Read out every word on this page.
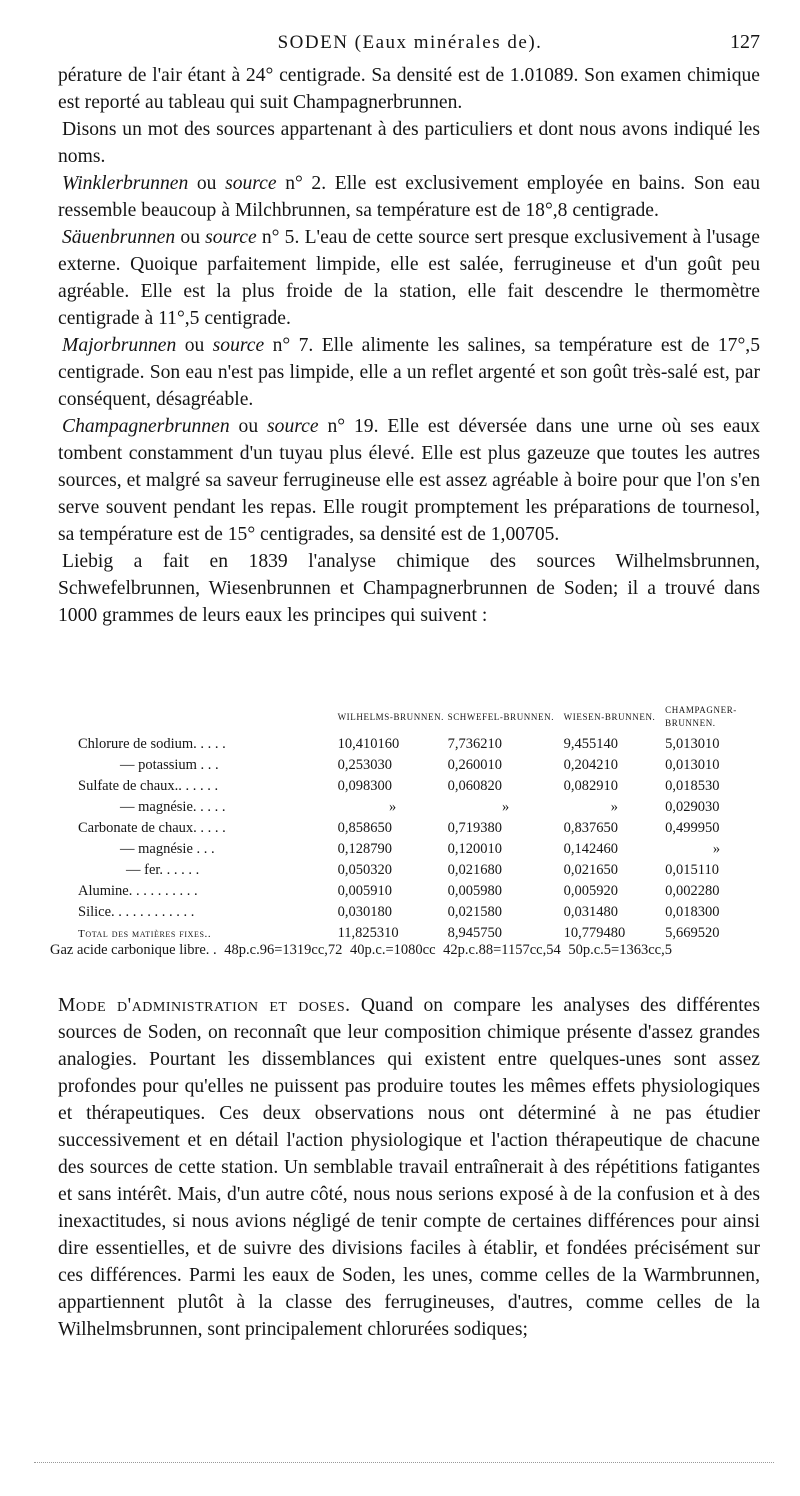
SODEN (Eaux minérales de).	127

pérature de l'air étant à 24° centigrade. Sa densité est de 1.01089. Son examen chimique est reporté au tableau qui suit Champagnerbrunnen.

Disons un mot des sources appartenant à des particuliers et dont nous avons indiqué les noms.

Winklerbrunnen ou source n° 2. Elle est exclusivement employée en bains. Son eau ressemble beaucoup à Milchbrunnen, sa température est de 18°,8 centigrade.

Säuenbrunnen ou source n° 5. L'eau de cette source sert presque exclusivement à l'usage externe. Quoique parfaitement limpide, elle est salée, ferrugineuse et d'un goût peu agréable. Elle est la plus froide de la station, elle fait descendre le thermomètre centigrade à 11°,5 centigrade.

Majorbrunnen ou source n° 7. Elle alimente les salines, sa température est de 17°,5 centigrade. Son eau n'est pas limpide, elle a un reflet argenté et son goût très-salé est, par conséquent, désagréable.

Champagnerbrunnen ou source n° 19. Elle est déversée dans une urne où ses eaux tombent constamment d'un tuyau plus élevé. Elle est plus gazeuze que toutes les autres sources, et malgré sa saveur ferrugineuse elle est assez agréable à boire pour que l'on s'en serve souvent pendant les repas. Elle rougit promptement les préparations de tournesol, sa température est de 15° centigrades, sa densité est de 1,00705.

Liebig a fait en 1839 l'analyse chimique des sources Wilhelmsbrunnen, Schwefelbrunnen, Wiesenbrunnen et Champagnerbrunnen de Soden; il a trouvé dans 1000 grammes de leurs eaux les principes qui suivent :

	WILHELMS-BRUNNEN.	SCHWEFEL-BRUNNEN.	WIESEN-BRUNNEN.	CHAMPAGNER-BRUNNEN.
Chlorure de sodium. . . . .	10,410160	7,736210	9,455140	5,013010
— potassium . . .	0,253030	0,260010	0,204210	0,013010
Sulfate de chaux.. . . . . .	0,098300	0,060820	0,082910	0,018530
— magnésie. . . . .	»	»	»	0,029030
Carbonate de chaux. . . . .	0,858650	0,719380	0,837650	0,499950
— magnésie . . .	0,128790	0,120010	0,142460	»
— fer. . . . . .	0,050320	0,021680	0,021650	0,015110
Alumine. . . . . . . . . .	0,005910	0,005980	0,005920	0,002280
Silice. . . . . . . . . . . .	0,030180	0,021580	0,031480	0,018300
Total des matières fixes..	11,825310	8,945750	10,779480	5,669520
Gaz acide carbonique libre. . 48p.c.96=1319cc,72 40p.c.=1080cc 42p.c.88=1157cc,54 50p.c.5=1363cc,5

Mode d'administration et doses. Quand on compare les analyses des différentes sources de Soden, on reconnaît que leur composition chimique présente d'assez grandes analogies. Pourtant les dissemblances qui existent entre quelques-unes sont assez profondes pour qu'elles ne puissent pas produire toutes les mêmes effets physiologiques et thérapeutiques. Ces deux observations nous ont déterminé à ne pas étudier successivement et en détail l'action physiologique et l'action thérapeutique de chacune des sources de cette station. Un semblable travail entraînerait à des répétitions fatigantes et sans intérêt. Mais, d'un autre côté, nous nous serions exposé à de la confusion et à des inexactitudes, si nous avions négligé de tenir compte de certaines différences pour ainsi dire essentielles, et de suivre des divisions faciles à établir, et fondées précisément sur ces différences. Parmi les eaux de Soden, les unes, comme celles de la Warmbrunnen, appartiennent plutôt à la classe des ferrugineuses, d'autres, comme celles de la Wilhelmsbrunnen, sont principalement chlorurées sodiques;
